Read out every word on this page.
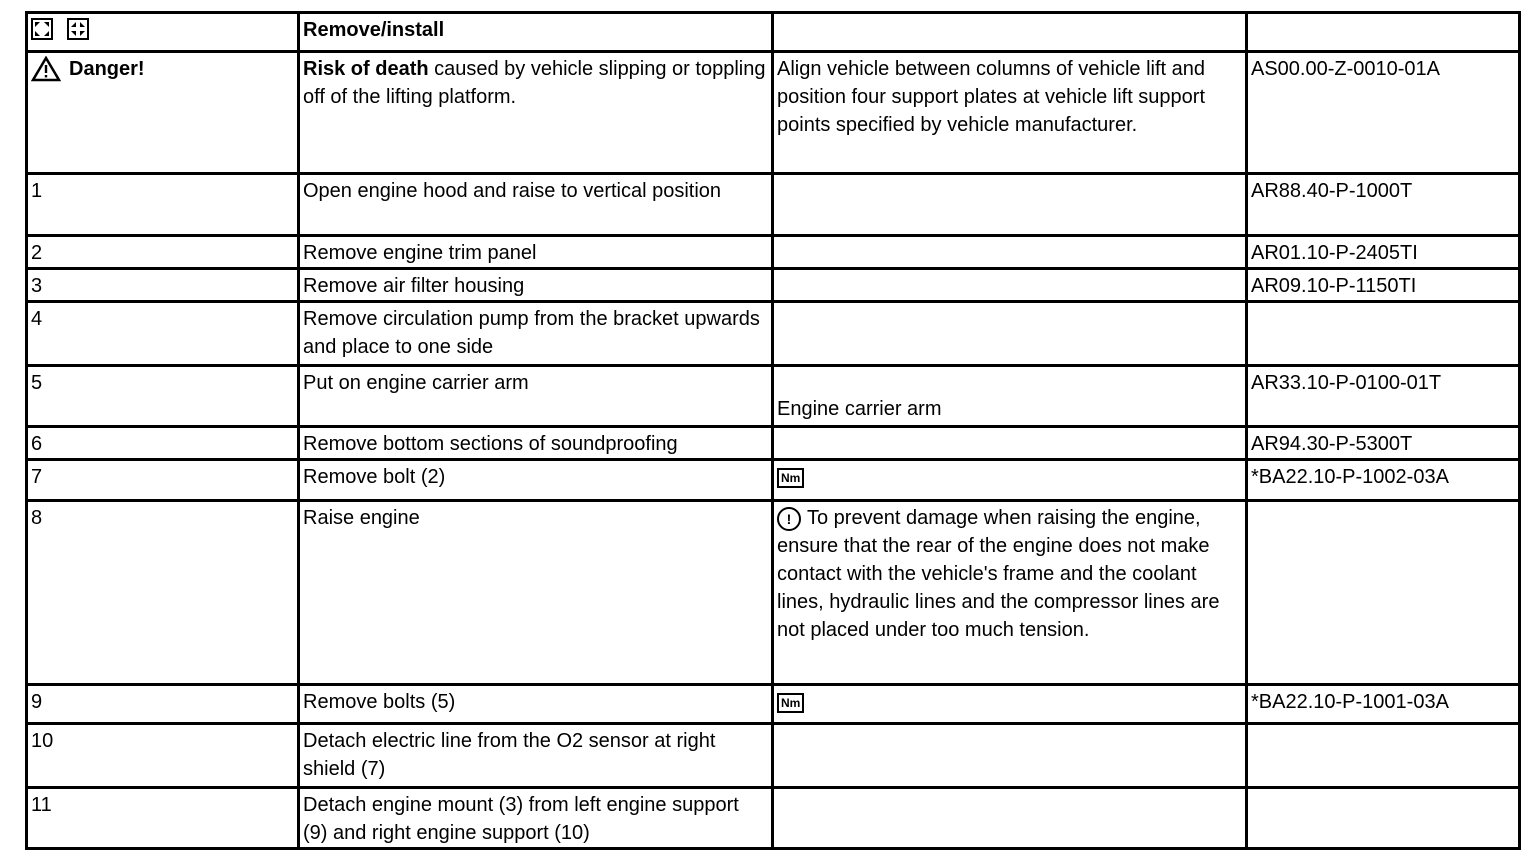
	Remove/install		

Danger!	Risk of death caused by vehicle slipping or toppling off of the lifting platform.	Align vehicle between columns of vehicle lift and position four support plates at vehicle lift support points specified by vehicle manufacturer.	AS00.00-Z-0010-01A
1	Open engine hood and raise to vertical position		AR88.40-P-1000T
2	Remove engine trim panel		AR01.10-P-2405TI
3	Remove air filter housing		AR09.10-P-1150TI
4	Remove circulation pump from the bracket upwards and place to one side		
5	Put on engine carrier arm	Engine carrier arm	AR33.10-P-0100-01T
6	Remove bottom sections of soundproofing		AR94.30-P-5300T
7	Remove bolt (2)	Nm	*BA22.10-P-1002-03A
8	Raise engine	! To prevent damage when raising the engine, ensure that the rear of the engine does not make contact with the vehicle's frame and the coolant lines, hydraulic lines and the compressor lines are not placed under too much tension.	
9	Remove bolts (5)	Nm	*BA22.10-P-1001-03A
10	Detach electric line from the O2 sensor at right shield (7)		
11	Detach engine mount (3) from left engine support (9) and right engine support (10)		
